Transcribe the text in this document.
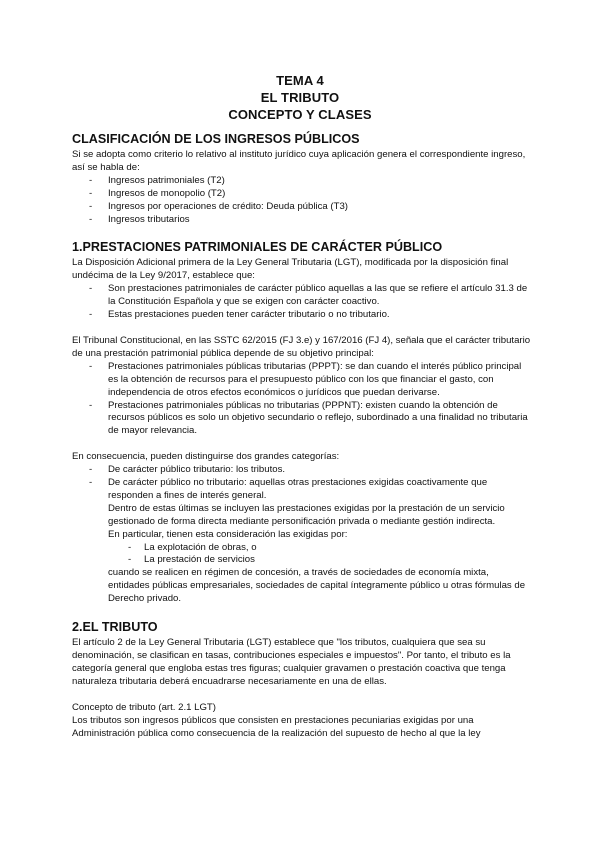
TEMA 4
EL TRIBUTO
CONCEPTO Y CLASES
CLASIFICACIÓN DE LOS INGRESOS PÚBLICOS

Si se adopta como criterio lo relativo al instituto jurídico cuya aplicación genera el correspondiente ingreso, así se habla de:

- Ingresos patrimoniales (T2)
- Ingresos de monopolio (T2)
- Ingresos por operaciones de crédito: Deuda pública (T3)
- Ingresos tributarios
1.PRESTACIONES PATRIMONIALES DE CARÁCTER PÚBLICO

La Disposición Adicional primera de la Ley General Tributaria (LGT), modificada por la disposición final undécima de la Ley 9/2017, establece que:

- Son prestaciones patrimoniales de carácter público aquellas a las que se refiere el artículo 31.3 de la Constitución Española y que se exigen con carácter coactivo.
- Estas prestaciones pueden tener carácter tributario o no tributario.

El Tribunal Constitucional, en las SSTC 62/2015 (FJ 3.e) y 167/2016 (FJ 4), señala que el carácter tributario de una prestación patrimonial pública depende de su objetivo principal:

- Prestaciones patrimoniales públicas tributarias (PPPT): se dan cuando el interés público principal es la obtención de recursos para el presupuesto público con los que financiar el gasto, con independencia de otros efectos económicos o jurídicos que puedan derivarse.
- Prestaciones patrimoniales públicas no tributarias (PPPNT): existen cuando la obtención de recursos públicos es solo un objetivo secundario o reflejo, subordinado a una finalidad no tributaria de mayor relevancia.

En consecuencia, pueden distinguirse dos grandes categorías:

- De carácter público tributario: los tributos.
- De carácter público no tributario: aquellas otras prestaciones exigidas coactivamente que responden a fines de interés general.
Dentro de estas últimas se incluyen las prestaciones exigidas por la prestación de un servicio gestionado de forma directa mediante personificación privada o mediante gestión indirecta.
En particular, tienen esta consideración las exigidas por:
- La explotación de obras, o
- La prestación de servicios

cuando se realicen en régimen de concesión, a través de sociedades de economía mixta, entidades públicas empresariales, sociedades de capital íntegramente público u otras fórmulas de Derecho privado.

2.EL TRIBUTO

El artículo 2 de la Ley General Tributaria (LGT) establece que "los tributos, cualquiera que sea su denominación, se clasifican en tasas, contribuciones especiales e impuestos". Por tanto, el tributo es la categoría general que engloba estas tres figuras; cualquier gravamen o prestación coactiva que tenga naturaleza tributaria deberá encuadrarse necesariamente en una de ellas.

Concepto de tributo (art. 2.1 LGT)

Los tributos son ingresos públicos que consisten en prestaciones pecuniarias exigidas por una Administración pública como consecuencia de la realización del supuesto de hecho al que la ley
